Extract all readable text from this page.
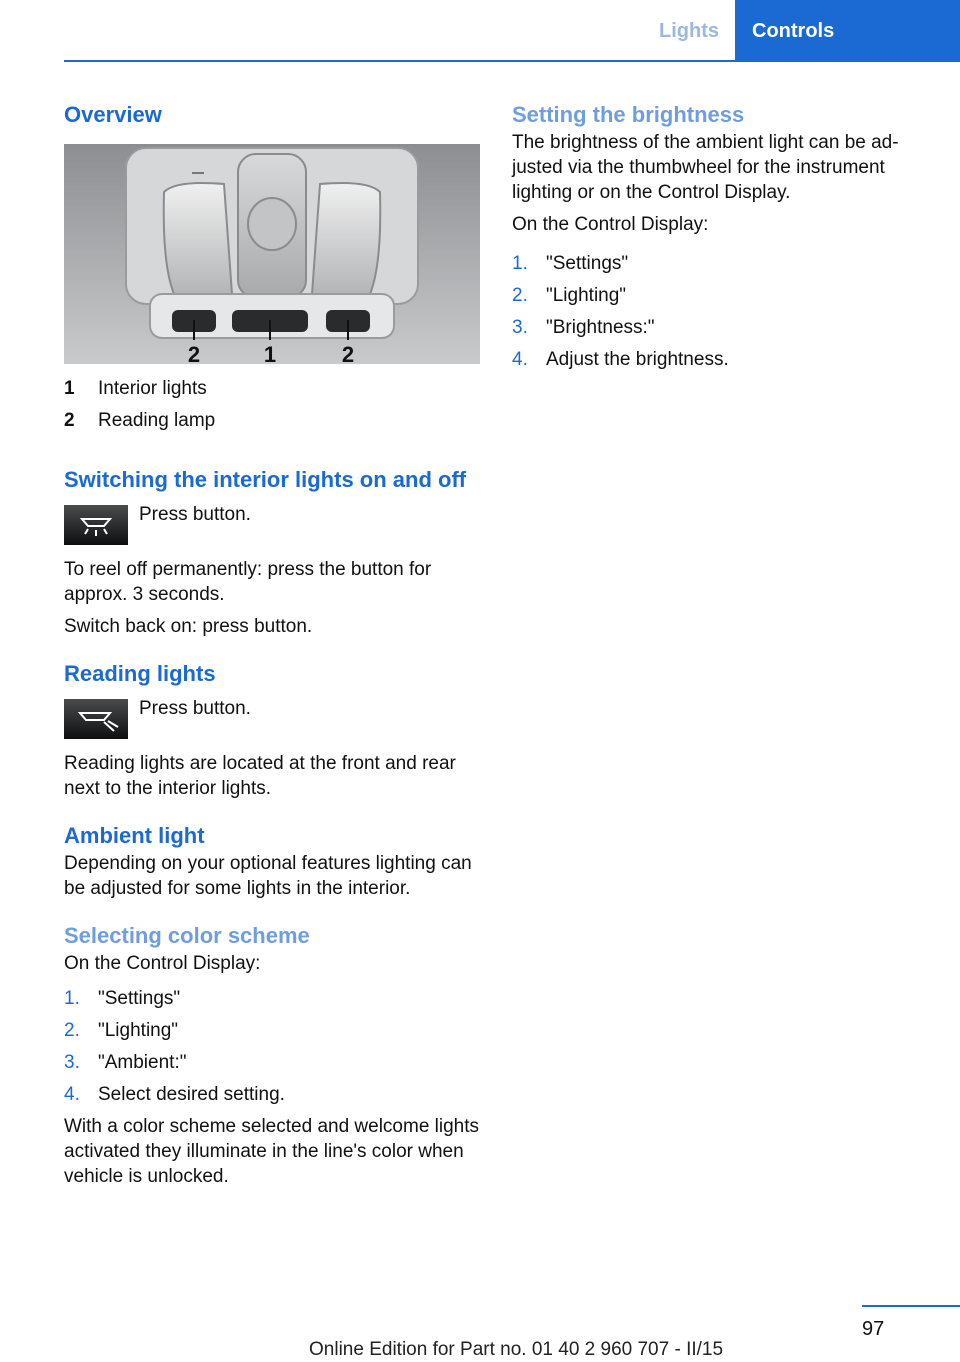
Lights	Controls
Overview
2	1	2
1	Interior lights
2	Reading lamp
Switching the interior lights on and off

Press button.

To reel off permanently: press the button for approx. 3 seconds.

Switch back on: press button.

Reading lights

Press button.

Reading lights are located at the front and rear next to the interior lights.

Ambient light

Depending on your optional features lighting can be adjusted for some lights in the interior.

Selecting color scheme

On the Control Display:

1. "Settings"
2. "Lighting"
3. "Ambient:"
4. Select desired setting.

With a color scheme selected and welcome lights activated they illuminate in the line's color when vehicle is unlocked.

Setting the brightness

The brightness of the ambient light can be ad‐ justed via the thumbwheel for the instrument lighting or on the Control Display.

On the Control Display:

1. "Settings"
2. "Lighting"
3. "Brightness:"
4. Adjust the brightness.
97
Online Edition for Part no. 01 40 2 960 707 - II/15
